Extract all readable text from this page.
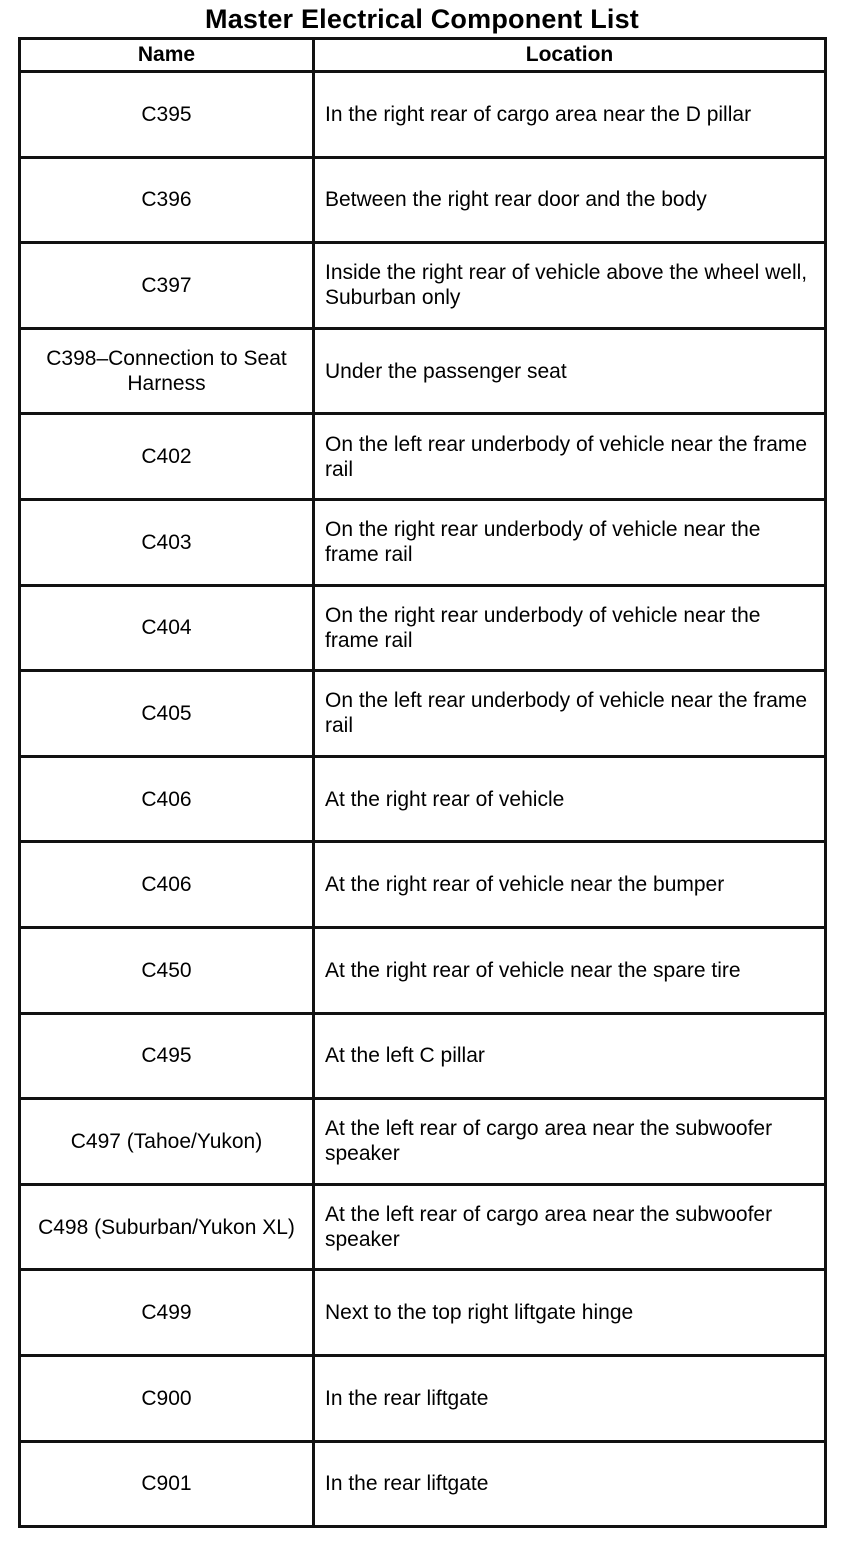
Master Electrical Component List
Name	Location
C395	In the right rear of cargo area near the D pillar
C396	Between the right rear door and the body
C397	Inside the right rear of vehicle above the wheel well, Suburban only
C398–Connection to Seat Harness	Under the passenger seat
C402	On the left rear underbody of vehicle near the frame rail
C403	On the right rear underbody of vehicle near the frame rail
C404	On the right rear underbody of vehicle near the frame rail
C405	On the left rear underbody of vehicle near the frame rail
C406	At the right rear of vehicle
C406	At the right rear of vehicle near the bumper
C450	At the right rear of vehicle near the spare tire
C495	At the left C pillar
C497 (Tahoe/Yukon)	At the left rear of cargo area near the subwoofer speaker
C498 (Suburban/Yukon XL)	At the left rear of cargo area near the subwoofer speaker
C499	Next to the top right liftgate hinge
C900	In the rear liftgate
C901	In the rear liftgate
